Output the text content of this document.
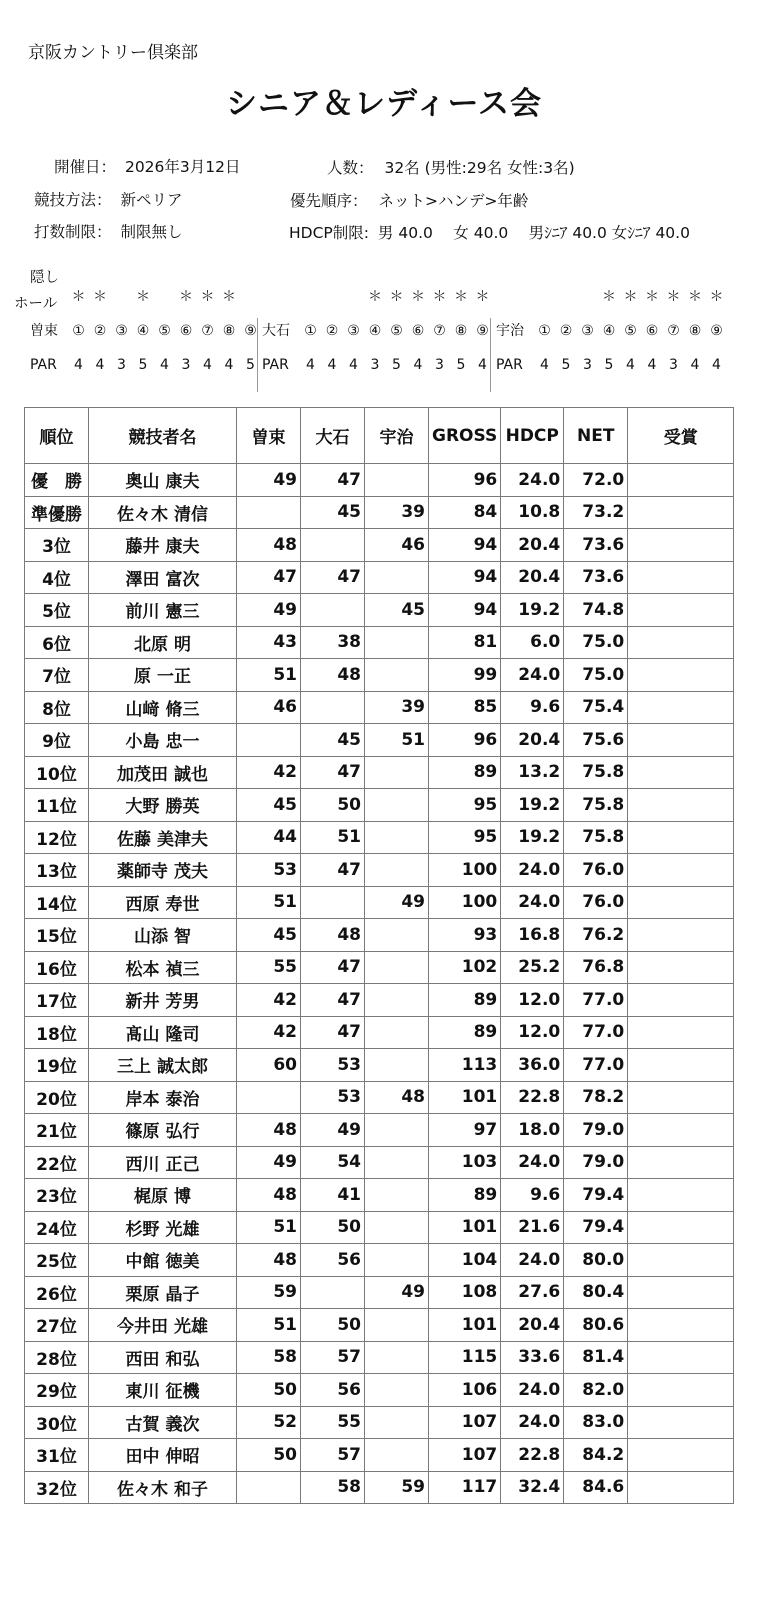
京阪カントリー倶楽部
シニア＆レディース会
開催日： 2026年3月12日	人数： 32名 (男性:29名 女性:3名)
競技方法： 新ペリア	優先順序： ネット>ハンデ>年齢
打数制限： 制限無し	HDCP制限: 男 40.0　 女 40.0　 男ｼﾆｱ 40.0 女ｼﾆｱ 40.0
隠し
ホール ＊ ＊ ＊ ＊ ＊ ＊	＊ ＊ ＊ ＊ ＊ ＊	＊ ＊ ＊ ＊ ＊ ＊
曽束	① ② ③ ④ ⑤ ⑥ ⑦ ⑧ ⑨ 大石	① ② ③ ④ ⑤ ⑥ ⑦ ⑧ ⑨ 宇治	① ② ③ ④ ⑤ ⑥ ⑦ ⑧ ⑨
PAR	4 4 3 5 4 3 4 4 5 PAR	4 4 4 3 5 4 3 5 4 PAR	4 5 3 5 4 4 3 4 4
順位	競技者名	曽束	大石	宇治	GROSS	HDCP	NET	受賞
優　勝	奥山 康夫	49	47		96	24.0	72.0	
準優勝	佐々木 清信		45	39	84	10.8	73.2	
3位	藤井 康夫	48		46	94	20.4	73.6	
4位	澤田 富次	47	47		94	20.4	73.6	
5位	前川 憲三	49		45	94	19.2	74.8	
6位	北原 明	43	38		81	6.0	75.0	
7位	原 一正	51	48		99	24.0	75.0	
8位	山﨑 脩三	46		39	85	9.6	75.4	
9位	小島 忠一		45	51	96	20.4	75.6	
10位	加茂田 誠也	42	47		89	13.2	75.8	
11位	大野 勝英	45	50		95	19.2	75.8	
12位	佐藤 美津夫	44	51		95	19.2	75.8	
13位	薬師寺 茂夫	53	47		100	24.0	76.0	
14位	西原 寿世	51		49	100	24.0	76.0	
15位	山添 智	45	48		93	16.8	76.2	
16位	松本 禎三	55	47		102	25.2	76.8	
17位	新井 芳男	42	47		89	12.0	77.0	
18位	髙山 隆司	42	47		89	12.0	77.0	
19位	三上 誠太郎	60	53		113	36.0	77.0	
20位	岸本 泰治		53	48	101	22.8	78.2	
21位	篠原 弘行	48	49		97	18.0	79.0	
22位	西川 正己	49	54		103	24.0	79.0	
23位	梶原 博	48	41		89	9.6	79.4	
24位	杉野 光雄	51	50		101	21.6	79.4	
25位	中館 徳美	48	56		104	24.0	80.0	
26位	栗原 晶子	59		49	108	27.6	80.4	
27位	今井田 光雄	51	50		101	20.4	80.6	
28位	西田 和弘	58	57		115	33.6	81.4	
29位	東川 征機	50	56		106	24.0	82.0	
30位	古賀 義次	52	55		107	24.0	83.0	
31位	田中 伸昭	50	57		107	22.8	84.2	
32位	佐々木 和子		58	59	117	32.4	84.6	
